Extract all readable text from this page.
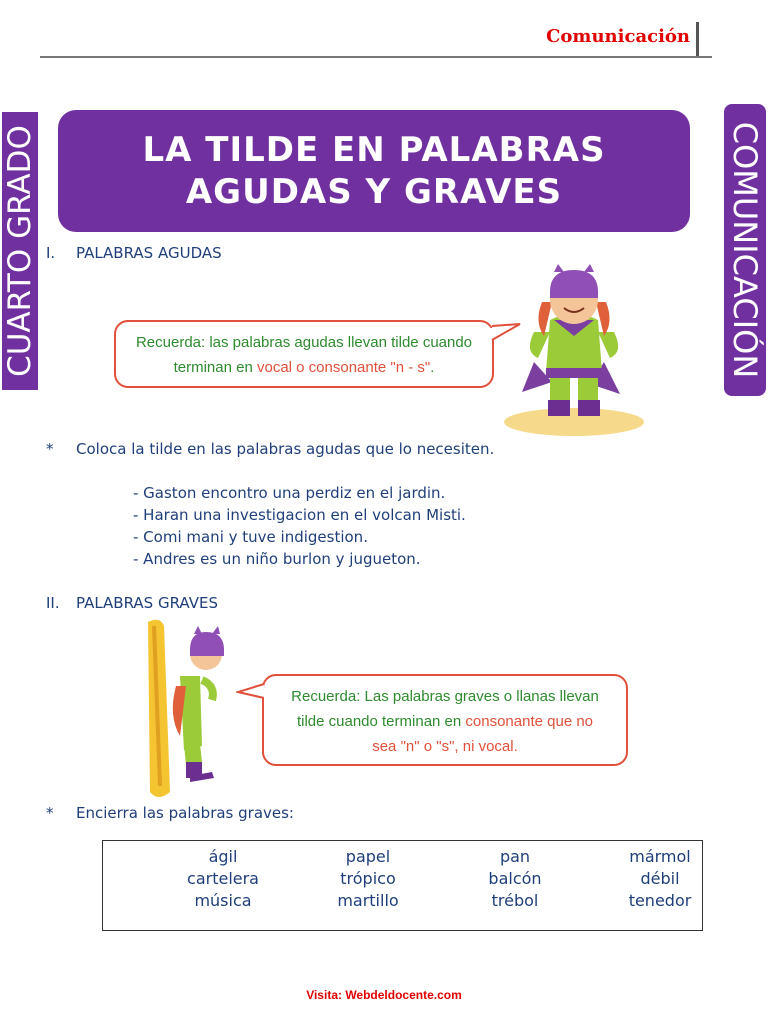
Comunicación
CUARTO GRADO	COMUNICACIÓN
LA TILDE EN PALABRAS
AGUDAS Y GRAVES
I. PALABRAS AGUDAS
Recuerda: las palabras agudas llevan tilde cuando
terminan en vocal o consonante "n - s".
* Coloca la tilde en las palabras agudas que lo necesiten.
- Gaston encontro una perdiz en el jardin.
- Haran una investigacion en el volcan Misti.
- Comi mani y tuve indigestion.
- Andres es un niño burlon y jugueton.
II. PALABRAS GRAVES
Recuerda: Las palabras graves o llanas llevan
tilde cuando terminan en consonante que no
sea "n" o "s", ni vocal.
* Encierra las palabras graves:
ágil	papel	pan	mármol
cartelera	trópico	balcón	débil
música	martillo	trébol	tenedor
Visita: Webdeldocente.com
